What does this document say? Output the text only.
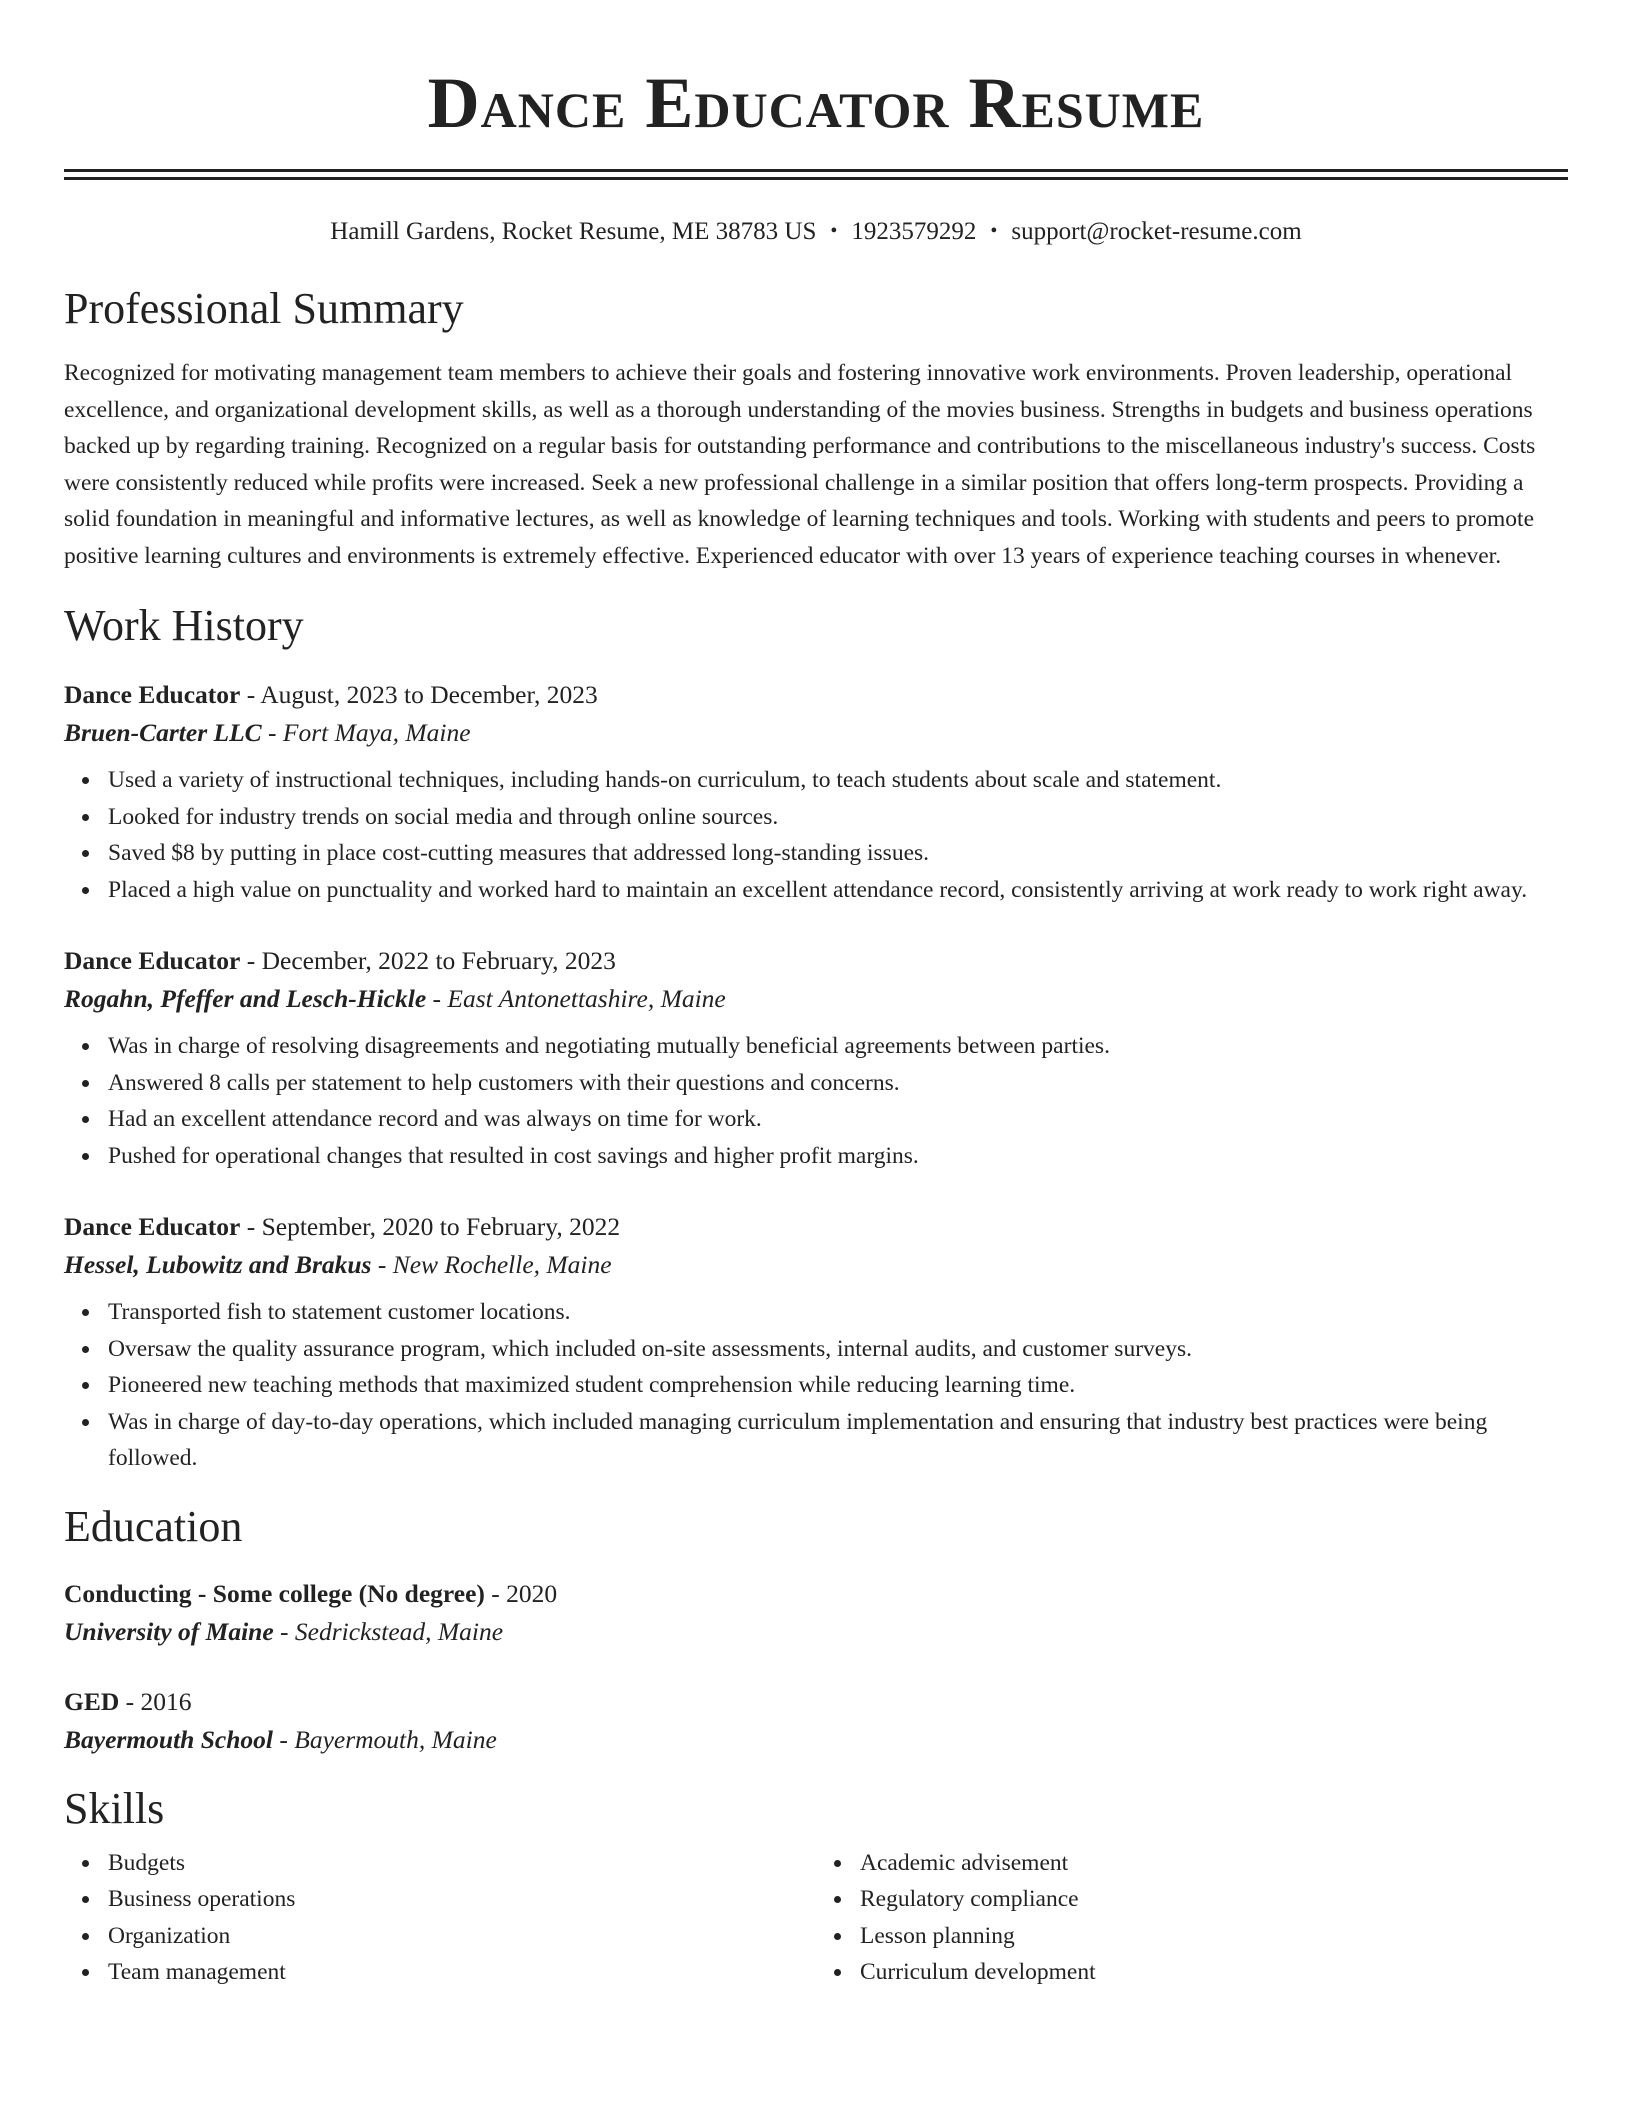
Dance Educator Resume
Hamill Gardens, Rocket Resume, ME 38783 US • 1923579292 • support@rocket-resume.com
Professional Summary

Recognized for motivating management team members to achieve their goals and fostering innovative work environments. Proven leadership, operational excellence, and organizational development skills, as well as a thorough understanding of the movies business. Strengths in budgets and business operations backed up by regarding training. Recognized on a regular basis for outstanding performance and contributions to the miscellaneous industry's success. Costs were consistently reduced while profits were increased. Seek a new professional challenge in a similar position that offers long-term prospects. Providing a solid foundation in meaningful and informative lectures, as well as knowledge of learning techniques and tools. Working with students and peers to promote positive learning cultures and environments is extremely effective. Experienced educator with over 13 years of experience teaching courses in whenever.

Work History
Dance Educator - August, 2023 to December, 2023
Bruen-Carter LLC - Fort Maya, Maine
Used a variety of instructional techniques, including hands-on curriculum, to teach students about scale and statement.
Looked for industry trends on social media and through online sources.
Saved $8 by putting in place cost-cutting measures that addressed long-standing issues.
Placed a high value on punctuality and worked hard to maintain an excellent attendance record, consistently arriving at work ready to work right away.
Dance Educator - December, 2022 to February, 2023
Rogahn, Pfeffer and Lesch-Hickle - East Antonettashire, Maine
Was in charge of resolving disagreements and negotiating mutually beneficial agreements between parties.
Answered 8 calls per statement to help customers with their questions and concerns.
Had an excellent attendance record and was always on time for work.
Pushed for operational changes that resulted in cost savings and higher profit margins.
Dance Educator - September, 2020 to February, 2022
Hessel, Lubowitz and Brakus - New Rochelle, Maine
Transported fish to statement customer locations.
Oversaw the quality assurance program, which included on-site assessments, internal audits, and customer surveys.
Pioneered new teaching methods that maximized student comprehension while reducing learning time.
Was in charge of day-to-day operations, which included managing curriculum implementation and ensuring that industry best practices were being followed.
Education
Conducting - Some college (No degree) - 2020
University of Maine - Sedrickstead, Maine
GED - 2016
Bayermouth School - Bayermouth, Maine
Skills
Budgets
Business operations
Organization
Team management
Academic advisement
Regulatory compliance
Lesson planning
Curriculum development
